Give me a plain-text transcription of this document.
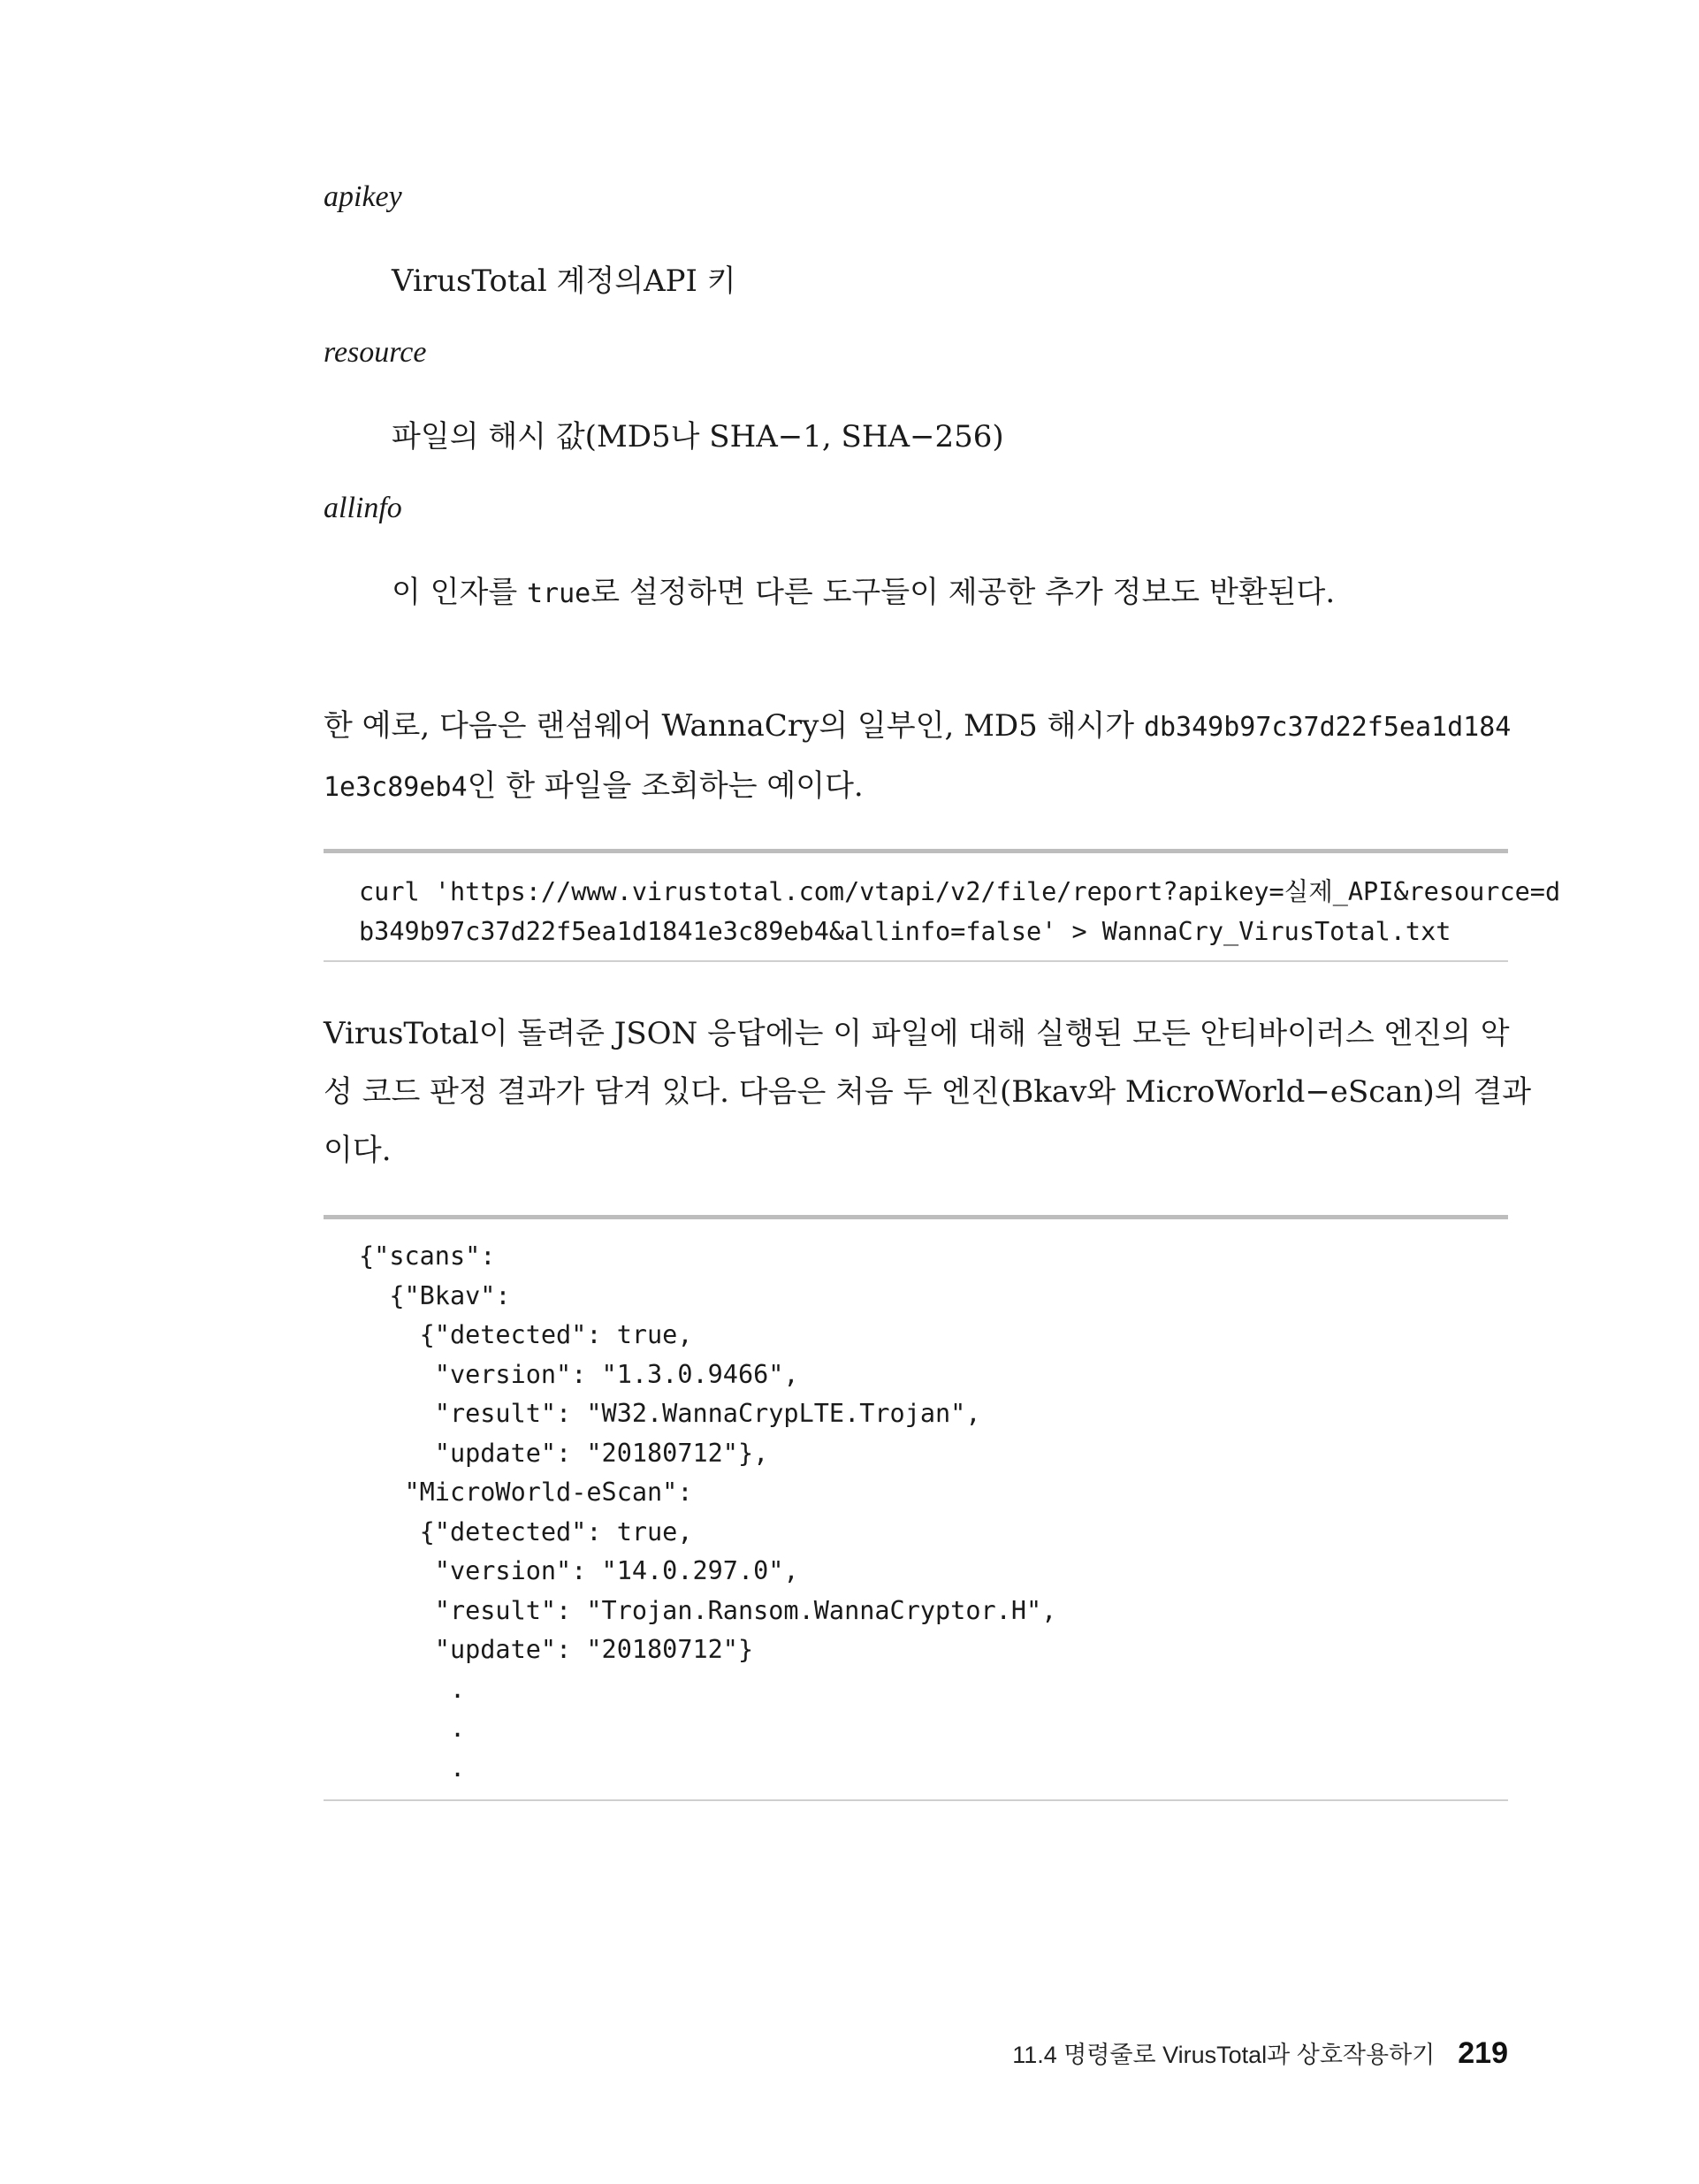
apikey
VirusTotal 계정의API 키
resource
파일의 해시 값(MD5나 SHA−1, SHA−256)
allinfo
이 인자를 true로 설정하면 다른 도구들이 제공한 추가 정보도 반환된다.
한 예로, 다음은 랜섬웨어 WannaCry의 일부인, MD5 해시가 db349b97c37d22f5ea1d184
1e3c89eb4인 한 파일을 조회하는 예이다.
curl 'https://www.virustotal.com/vtapi/v2/file/report?apikey=실제_API&resource=d
b349b97c37d22f5ea1d1841e3c89eb4&allinfo=false' > WannaCry_VirusTotal.txt
VirusTotal이 돌려준 JSON 응답에는 이 파일에 대해 실행된 모든 안티바이러스 엔진의 악
성 코드 판정 결과가 담겨 있다. 다음은 처음 두 엔진(Bkav와 MicroWorld−eScan)의 결과
이다.
{"scans":
{"Bkav":
{"detected": true,
"version": "1.3.0.9466",
"result": "W32.WannaCrypLTE.Trojan",
"update": "20180712"},
"MicroWorld-eScan":
{"detected": true,
"version": "14.0.297.0",
"result": "Trojan.Ransom.WannaCryptor.H",
"update": "20180712"}
.
.
.
11.4 명령줄로 VirusTotal과 상호작용하기 219
